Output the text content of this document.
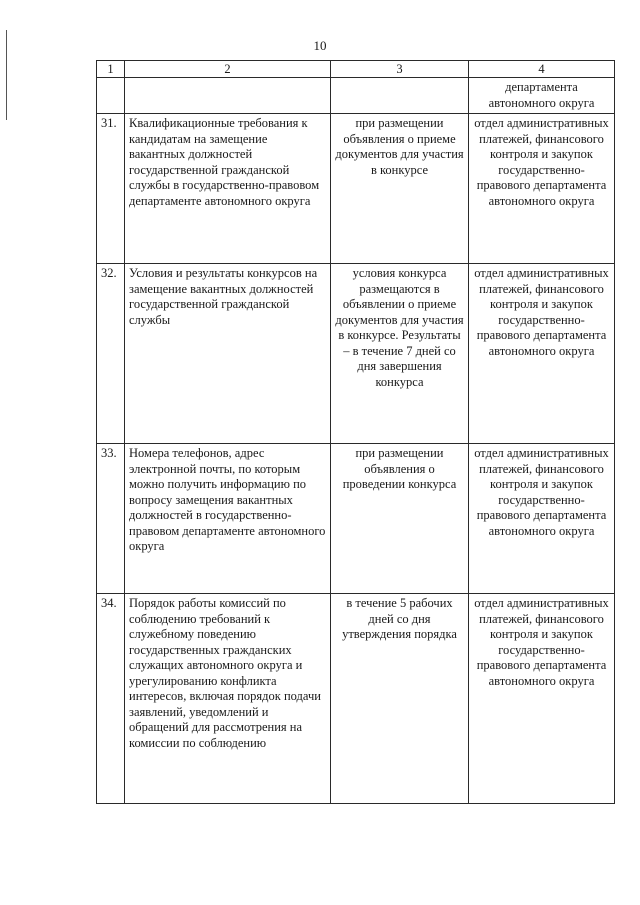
10
1	2	3	4
			департамента автономного округа
31.	Квалификационные требования к кандидатам на замещение вакантных должностей государственной гражданской службы в государственно-правовом департаменте автономного округа	при размещении объявления о приеме документов для участия в конкурсе	отдел административных платежей, финансового контроля и закупок государственно-правового департамента автономного округа
32.	Условия и результаты конкурсов на замещение вакантных должностей государственной гражданской службы	условия конкурса размещаются в объявлении о приеме документов для участия в конкурсе. Результаты – в течение 7 дней со дня завершения конкурса	отдел административных платежей, финансового контроля и закупок государственно-правового департамента автономного округа
33.	Номера телефонов, адрес электронной почты, по которым можно получить информацию по вопросу замещения вакантных должностей в государственно-правовом департаменте автономного округа	при размещении объявления о проведении конкурса	отдел административных платежей, финансового контроля и закупок государственно-правового департамента автономного округа
34.	Порядок работы комиссий по соблюдению требований к служебному поведению государственных гражданских служащих автономного округа и урегулированию конфликта интересов, включая порядок подачи заявлений, уведомлений и обращений для рассмотрения на комиссии по соблюдению	в течение 5 рабочих дней со дня утверждения порядка	отдел административных платежей, финансового контроля и закупок государственно-правового департамента автономного округа
